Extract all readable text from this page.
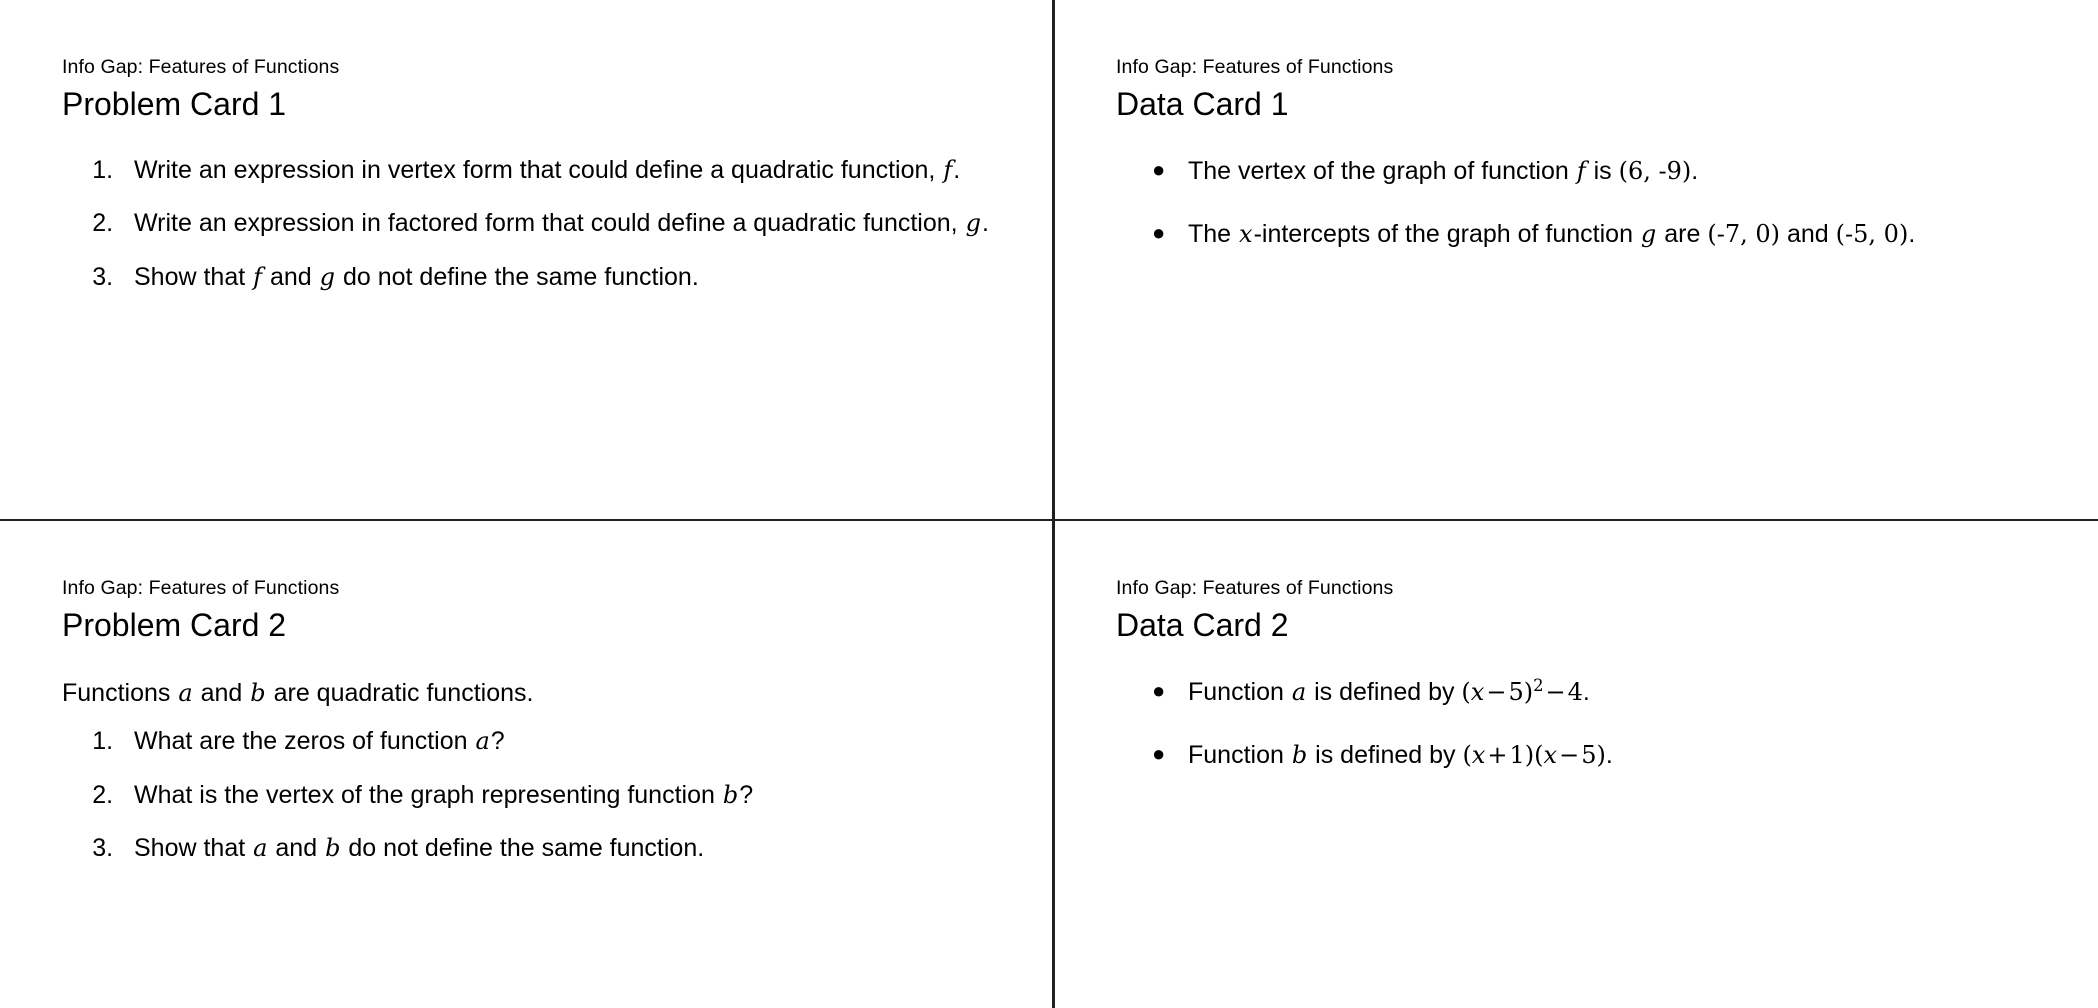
Info Gap: Features of Functions

Problem Card 1
1. Write an expression in vertex form that could define a quadratic function, f.
2. Write an expression in factored form that could define a quadratic function, g.
3. Show that f and g do not define the same function.

Info Gap: Features of Functions

Data Card 1
● The vertex of the graph of function f is (6, -9).
● The x-intercepts of the graph of function g are (-7, 0) and (-5, 0).

Info Gap: Features of Functions

Problem Card 2

Functions a and b are quadratic functions.

1. What are the zeros of function a?
2. What is the vertex of the graph representing function b?
3. Show that a and b do not define the same function.

Info Gap: Features of Functions

Data Card 2
● Function a is defined by $(x-5)^2-4$.
● Function b is defined by (x+1)(x−5).
